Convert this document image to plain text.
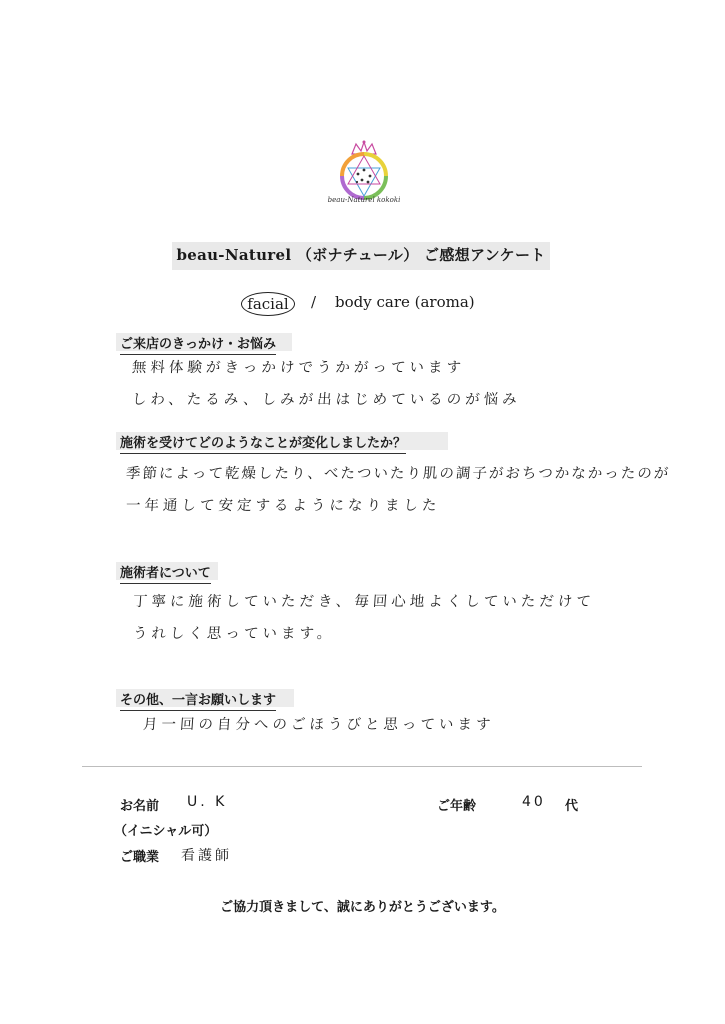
beau-Naturel kokoki
beau-Naturel （ボナチュール） ご感想アンケート
facial	/ body care (aroma)
ご来店のきっかけ・お悩み
無料体験がきっかけでうかがっています
しわ、たるみ、しみが出はじめているのが悩み
施術を受けてどのようなことが変化しましたか？
季節によって乾燥したり、べたついたり肌の調子がおちつかなかったのが
一年通して安定するようになりました
施術者について
丁寧に施術していただき、毎回心地よくしていただけて
うれしく思っています。
その他、一言お願いします
月一回の自分へのごほうびと思っています
お名前 U. K	ご年齢	40 代
（イニシャル可）
ご職業 看護師
ご協力頂きまして、誠にありがとうございます。
